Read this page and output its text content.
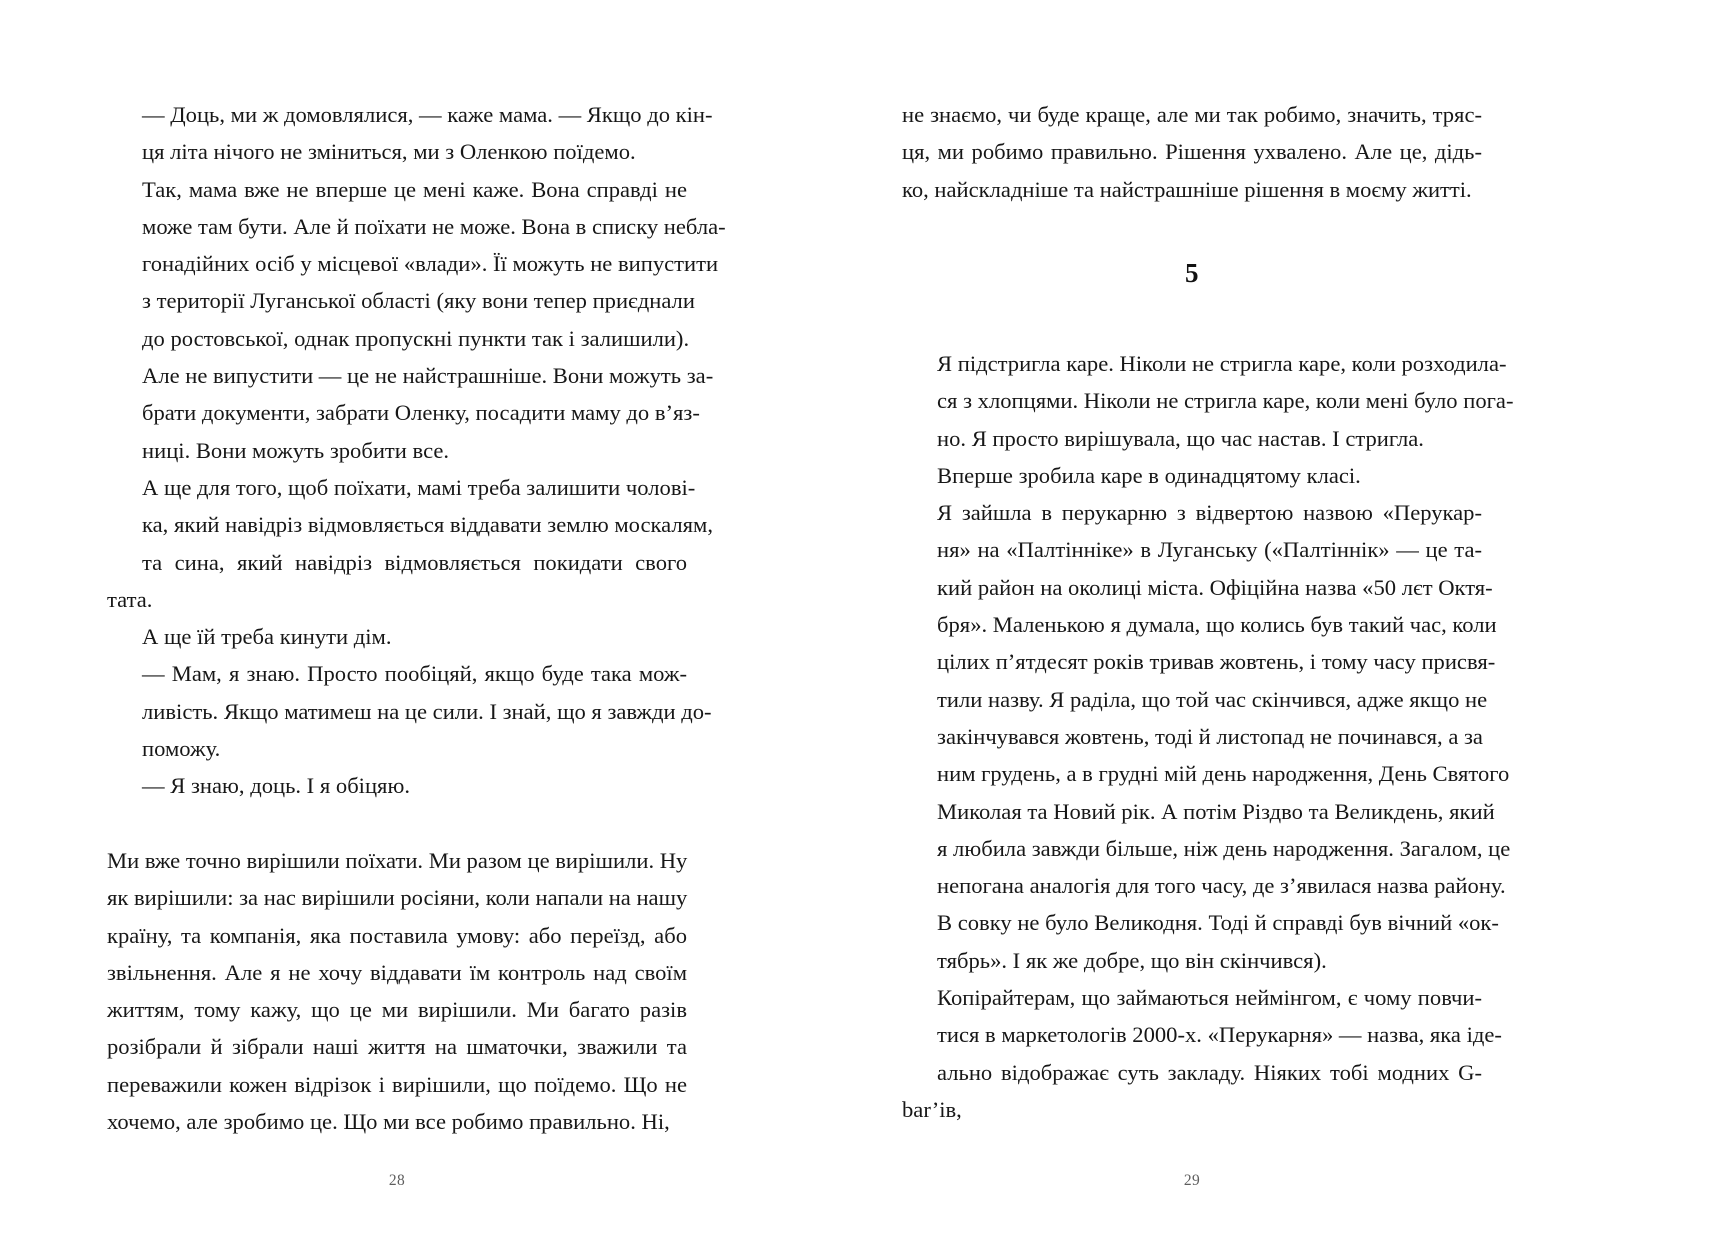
— Доць, ми ж домовлялися, — каже мама. — Якщо до кін-
ця літа нічого не зміниться, ми з Оленкою поїдемо.
Так, мама вже не вперше це мені каже. Вона справді не
може там бути. Але й поїхати не може. Вона в списку небла-
гонадійних осіб у місцевої «влади». Її можуть не випустити
з території Луганської області (яку вони тепер приєднали
до ростовської, однак пропускні пункти так і залишили).
Але не випустити — це не найстрашніше. Вони можуть за-
брати документи, забрати Оленку, посадити маму до в’яз-
ниці. Вони можуть зробити все.
А ще для того, щоб поїхати, мамі треба залишити чолові-
ка, який навідріз відмовляється віддавати землю москалям,
та сина, який навідріз відмовляється покидати свого тата.
А ще їй треба кинути дім.
— Мам, я знаю. Просто пообіцяй, якщо буде така мож-
ливість. Якщо матимеш на це сили. І знай, що я завжди до-
поможу.
— Я знаю, доць. І я обіцяю.
Ми вже точно вирішили поїхати. Ми разом це вирішили. Ну
як вирішили: за нас вирішили росіяни, коли напали на нашу
країну, та компанія, яка поставила умову: або переїзд, або
звільнення. Але я не хочу віддавати їм контроль над своїм
життям, тому кажу, що це ми вирішили. Ми багато разів
розібрали й зібрали наші життя на шматочки, зважили та
переважили кожен відрізок і вирішили, що поїдемо. Що не
хочемо, але зробимо це. Що ми все робимо правильно. Ні,
28
не знаємо, чи буде краще, але ми так робимо, значить, тряс-
ця, ми робимо правильно. Рішення ухвалено. Але це, дідь-
ко, найскладніше та найстрашніше рішення в моєму житті.
5
Я підстригла каре. Ніколи не стригла каре, коли розходила-
ся з хлопцями. Ніколи не стригла каре, коли мені було пога-
но. Я просто вирішувала, що час настав. І стригла.
Вперше зробила каре в одинадцятому класі.
Я зайшла в перукарню з відвертою назвою «Перукар-
ня» на «Палтінніке» в Луганську («Палтіннік» — це та-
кий район на околиці міста. Офіційна назва «50 лєт Октя-
бря». Маленькою я думала, що колись був такий час, коли
цілих п’ятдесят років тривав жовтень, і тому часу присвя-
тили назву. Я раділа, що той час скінчився, адже якщо не
закінчувався жовтень, тоді й листопад не починався, а за
ним грудень, а в грудні мій день народження, День Святого
Миколая та Новий рік. А потім Різдво та Великдень, який
я любила завжди більше, ніж день народження. Загалом, це
непогана аналогія для того часу, де з’явилася назва району.
В совку не було Великодня. Тоді й справді був вічний «ок-
тябрь». І як же добре, що він скінчився).
Копірайтерам, що займаються неймінгом, є чому повчи-
тися в маркетологів 2000-х. «Перукарня» — назва, яка іде-
ально відображає суть закладу. Ніяких тобі модних G-bar’ів,
29
